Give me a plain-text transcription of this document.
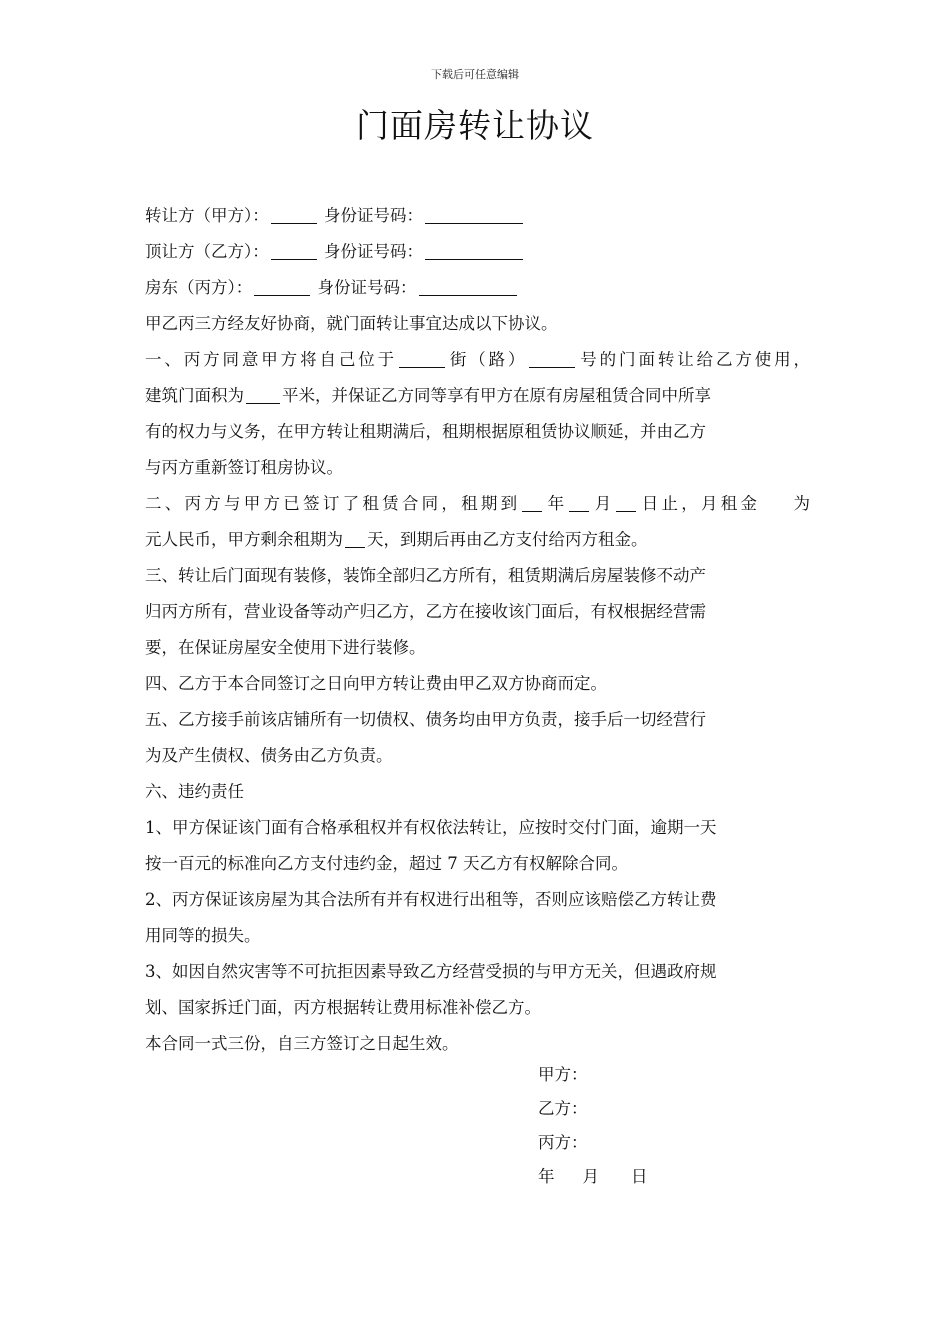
下载后可任意编辑
门面房转让协议
转让方（甲方）：	身份证号码：
顶让方（乙方）：	身份证号码：
房东（丙方）：	身份证号码：
甲乙丙三方经友好协商，就门面转让事宜达成以下协议。
一、丙方同意甲方将自己位于	街（路）	号的门面转让给乙方使用，
建筑门面积为 平米，并保证乙方同等享有甲方在原有房屋租赁合同中所享
有的权力与义务，在甲方转让租期满后，租期根据原租赁协议顺延，并由乙方
与丙方重新签订租房协议。
二、丙方与甲方已签订了租赁合同，租期到 年 月 日止，月租金 为
元人民币，甲方剩余租期为 天，到期后再由乙方支付给丙方租金。
三、转让后门面现有装修，装饰全部归乙方所有，租赁期满后房屋装修不动产
归丙方所有，营业设备等动产归乙方，乙方在接收该门面后，有权根据经营需
要，在保证房屋安全使用下进行装修。
四、乙方于本合同签订之日向甲方转让费由甲乙双方协商而定。
五、乙方接手前该店铺所有一切债权、债务均由甲方负责，接手后一切经营行
为及产生债权、债务由乙方负责。
六、违约责任
1、甲方保证该门面有合格承租权并有权依法转让，应按时交付门面，逾期一天
按一百元的标准向乙方支付违约金，超过 7 天乙方有权解除合同。
2、丙方保证该房屋为其合法所有并有权进行出租等，否则应该赔偿乙方转让费
用同等的损失。
3、如因自然灾害等不可抗拒因素导致乙方经营受损的与甲方无关，但遇政府规
划、国家拆迁门面，丙方根据转让费用标准补偿乙方。
本合同一式三份，自三方签订之日起生效。
甲方：
乙方：
丙方：
年 月 日
